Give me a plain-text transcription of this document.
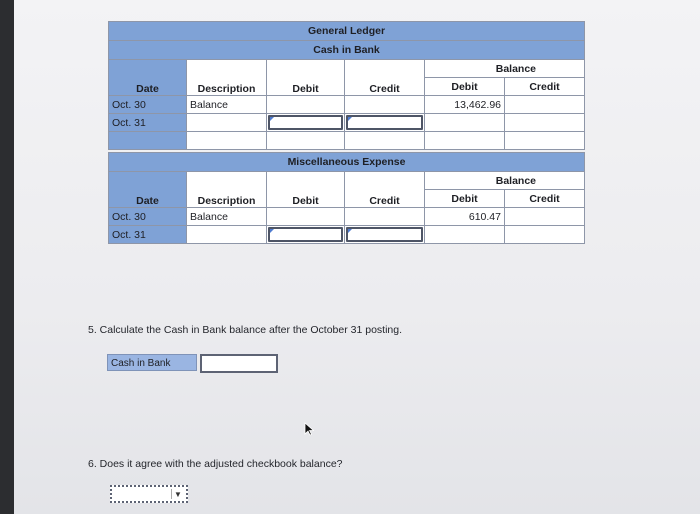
General Ledger					
Cash in Bank					
Date	Description	Debit	Credit	Balance	
				Debit	Credit
Oct. 30	Balance			13,462.96	
Oct. 31		

Miscellaneous Expense					
Date	Description	Debit	Credit	Balance	
				Debit	Credit
Oct. 30	Balance			610.47	
Oct. 31		

5. Calculate the Cash in Bank balance after the October 31 posting.
Cash in Bank
6. Does it agree with the adjusted checkbook balance?
▼
